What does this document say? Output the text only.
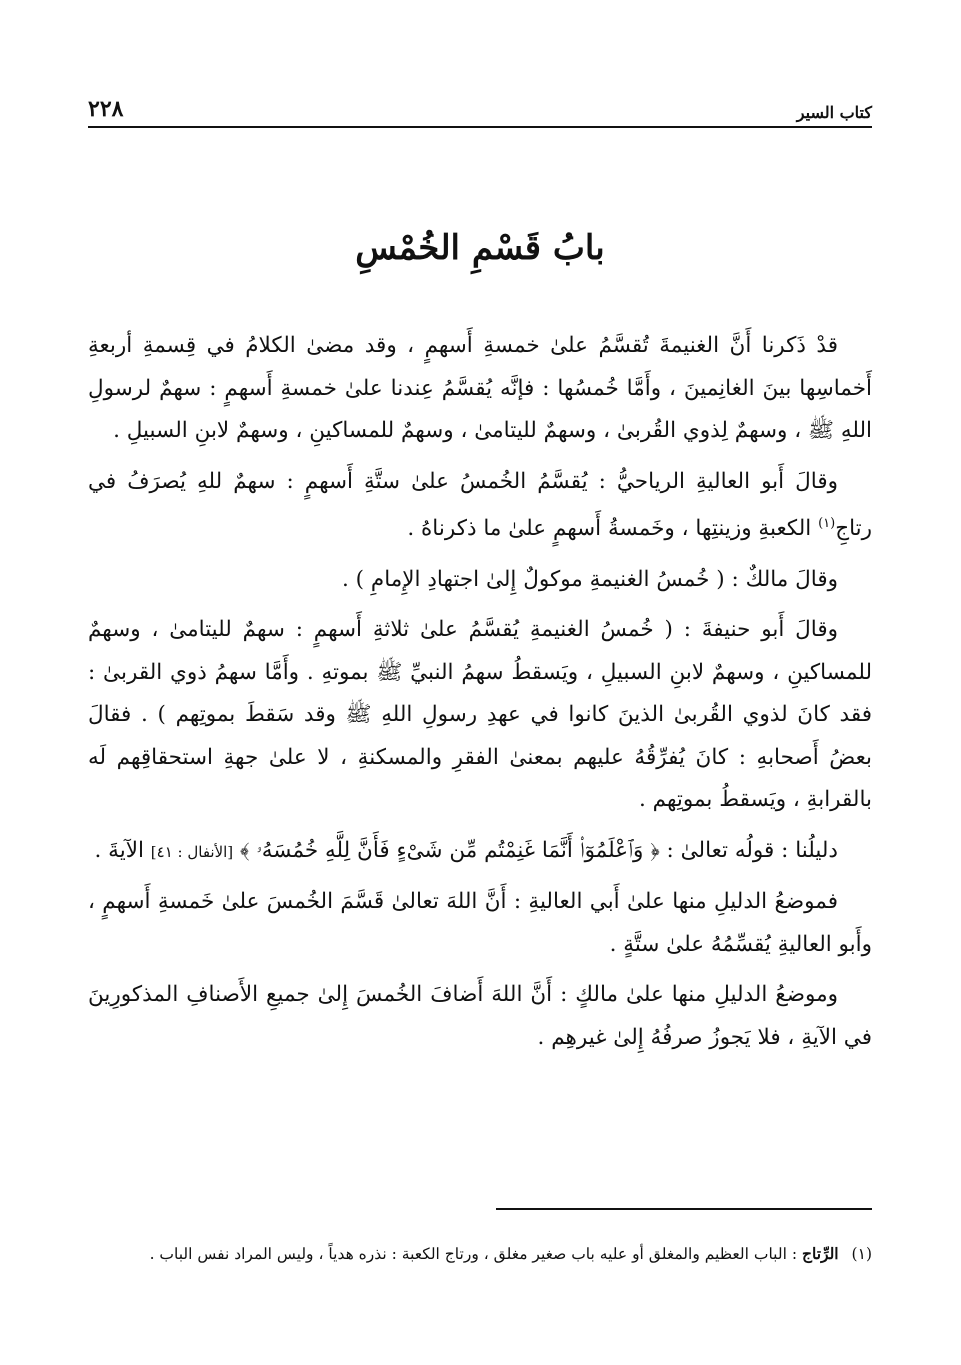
٢٢٨	كتاب السير
بابُ قَسْمِ الخُمْسِ

قدْ ذَكرنا أَنَّ الغنيمةَ تُقسَّمُ علىٰ خمسةِ أَسهمٍ ، وقد مضىٰ الكلامُ في قِسمةِ أربعةِ أَخماسِها بينَ الغانِمينَ ، وأَمَّا خُمسُها : فإنَّه يُقسَّمُ عِندنا علىٰ خمسةِ أَسهمٍ : سهمٌ لرسولِ اللهِ ﷺ ، وسهمٌ لِذوي القُربىٰ ، وسهمٌ لليتامىٰ ، وسهمٌ للمساكينِ ، وسهمٌ لابنِ السبيلِ .

وقالَ أَبو العاليةِ الرياحيُّ : يُقسَّمُ الخُمسُ علىٰ ستَّةِ أَسهمٍ : سهمٌ للهِ يُصرَفُ في رتاجِ$^{(١)}$ الكعبةِ وزينتِها ، وخَمسةُ أَسهمٍ علىٰ ما ذكرناهُ .

وقالَ مالكٌ : ( خُمسُ الغنيمةِ موكولٌ إِلىٰ اجتهادِ الإِمامِ ) .

وقالَ أَبو حنيفةَ : ( خُمسُ الغنيمةِ يُقسَّمُ علىٰ ثلاثةِ أَسهمٍ : سهمٌ لليتامىٰ ، وسهمٌ للمساكينِ ، وسهمٌ لابنِ السبيلِ ، ويَسقطُ سهمُ النبيِّ ﷺ بموتهِ . وأَمَّا سهمُ ذوي القربىٰ : فقد كانَ لذوي القُربىٰ الذينَ كانوا في عهدِ رسولِ اللهِ ﷺ وقد سَقطَ بموتِهم ) . فقالَ بعضُ أَصحابهِ : كانَ يُفرِّقُهُ عليهم بمعنىٰ الفقرِ والمسكنةِ ، لا علىٰ جهةِ استحقاقِهم لَه بالقرابةِ ، ويَسقطُ بموتِهم .

دليلُنا : قولُه تعالىٰ : ﴿ وَٱعْلَمُوٓا۟ أَنَّمَا غَنِمْتُم مِّن شَىْءٍ فَأَنَّ لِلَّهِ خُمُسَهُۥ ﴾ [الأنفال : ٤١] الآيةَ .

فموضعُ الدليلِ منها علىٰ أَبي العاليةِ : أَنَّ اللهَ تعالىٰ قَسَّمَ الخُمسَ علىٰ خَمسةِ أَسهمٍ ، وأَبو العاليةِ يُقسِّمُهُ علىٰ ستَّةٍ .

وموضعُ الدليلِ منها علىٰ مالكٍ : أَنَّ اللهَ أَضافَ الخُمسَ إِلىٰ جميعِ الأَصنافِ المذكورِينَ في الآيةِ ، فلا يَجوزُ صرفُهُ إِلىٰ غيرهِم .

(١) الرِّتاج : الباب العظيم والمغلق أو عليه باب صغير مغلق ، ورتاج الكعبة : نذره هدياً ، وليس المراد نفس الباب .
